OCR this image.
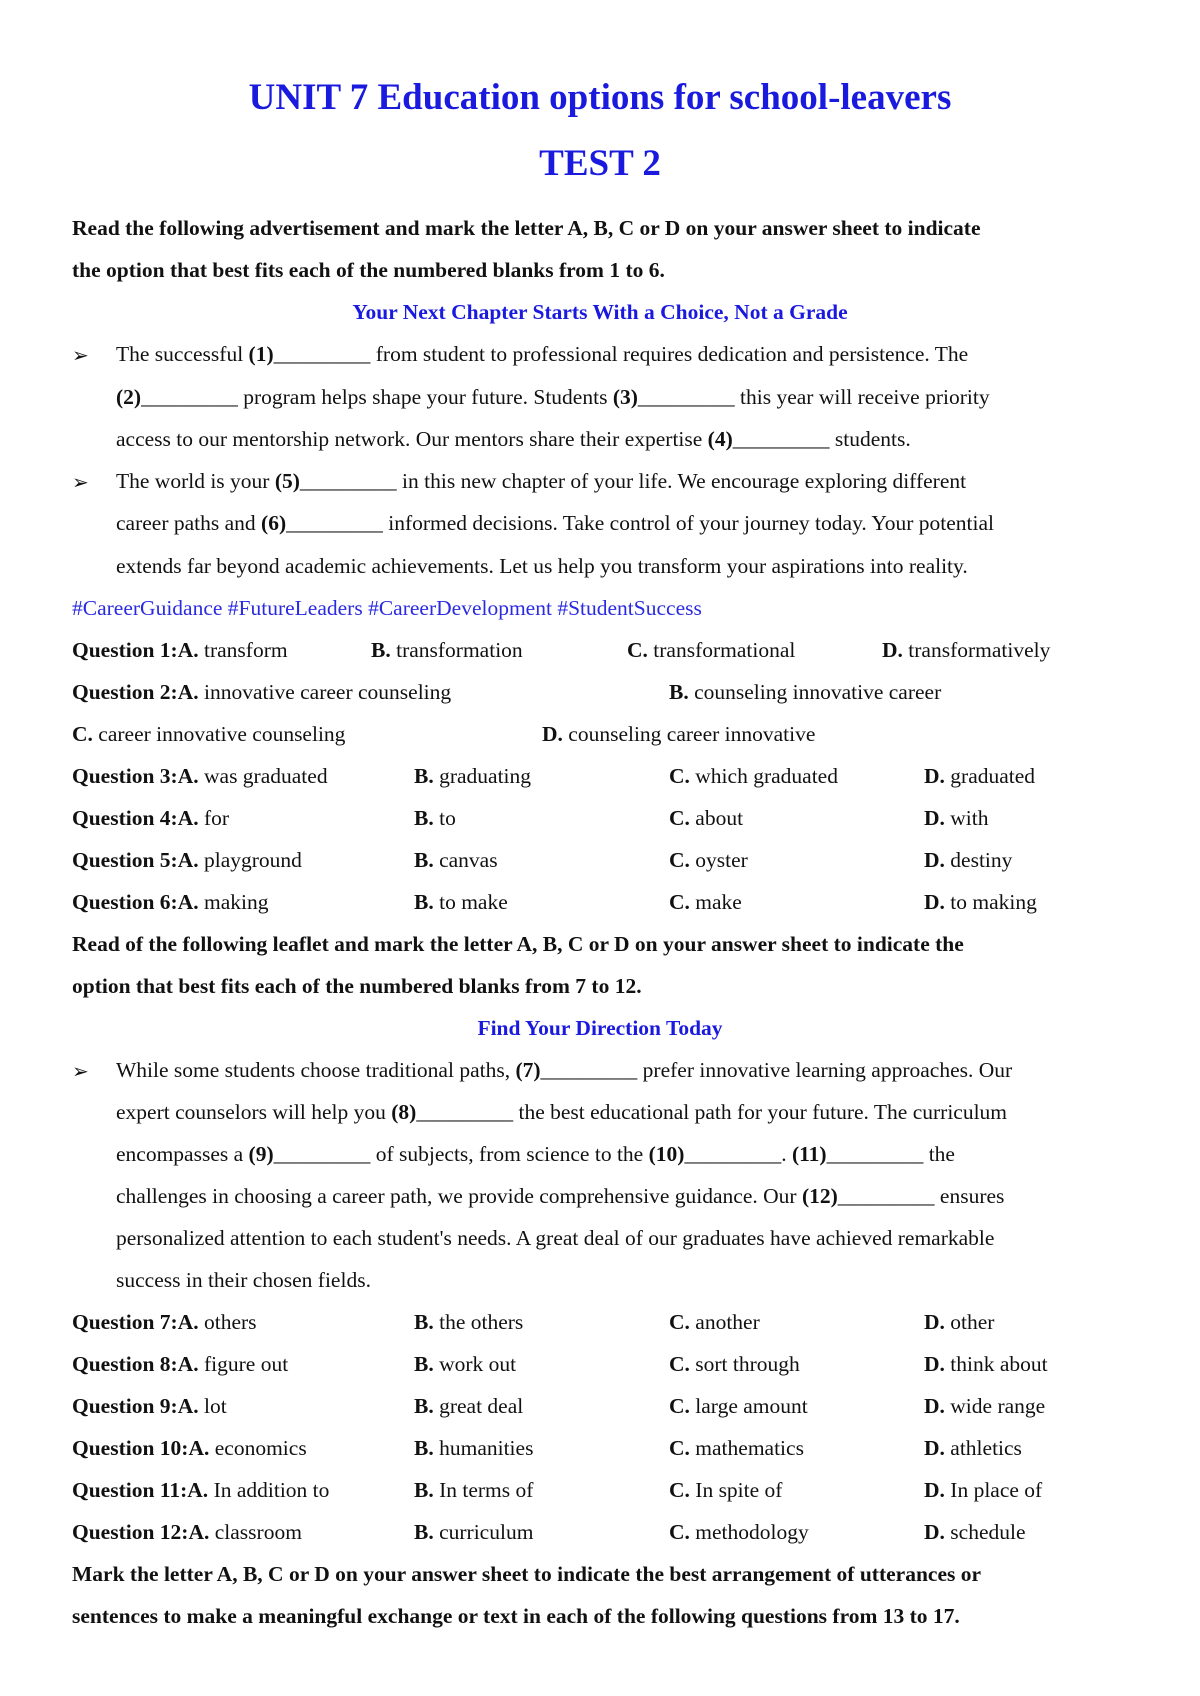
UNIT 7 Education options for school-leavers
TEST 2
Read the following advertisement and mark the letter A, B, C or D on your answer sheet to indicate
the option that best fits each of the numbered blanks from 1 to 6.
Your Next Chapter Starts With a Choice, Not a Grade
➢ The successful (1)_________ from student to professional requires dedication and persistence. The
(2)_________ program helps shape your future. Students (3)_________ this year will receive priority
access to our mentorship network. Our mentors share their expertise (4)_________ students.
➢ The world is your (5)_________ in this new chapter of your life. We encourage exploring different
career paths and (6)_________ informed decisions. Take control of your journey today. Your potential
extends far beyond academic achievements. Let us help you transform your aspirations into reality.
#CareerGuidance #FutureLeaders #CareerDevelopment #StudentSuccess
Question 1:A. transform	B. transformation	C. transformational	D. transformatively
Question 2:A. innovative career counseling	B. counseling innovative career
C. career innovative counseling	D. counseling career innovative
Question 3:A. was graduated	B. graduating	C. which graduated	D. graduated
Question 4:A. for	B. to	C. about	D. with
Question 5:A. playground	B. canvas	C. oyster	D. destiny
Question 6:A. making	B. to make	C. make	D. to making
Read of the following leaflet and mark the letter A, B, C or D on your answer sheet to indicate the
option that best fits each of the numbered blanks from 7 to 12.
Find Your Direction Today
➢ While some students choose traditional paths, (7)_________ prefer innovative learning approaches. Our
expert counselors will help you (8)_________ the best educational path for your future. The curriculum
encompasses a (9)_________ of subjects, from science to the (10)_________. (11)_________ the
challenges in choosing a career path, we provide comprehensive guidance. Our (12)_________ ensures
personalized attention to each student's needs. A great deal of our graduates have achieved remarkable
success in their chosen fields.
Question 7:A. others	B. the others	C. another	D. other
Question 8:A. figure out	B. work out	C. sort through	D. think about
Question 9:A. lot	B. great deal	C. large amount	D. wide range
Question 10:A. economics	B. humanities	C. mathematics	D. athletics
Question 11:A. In addition to	B. In terms of	C. In spite of	D. In place of
Question 12:A. classroom	B. curriculum	C. methodology	D. schedule
Mark the letter A, B, C or D on your answer sheet to indicate the best arrangement of utterances or
sentences to make a meaningful exchange or text in each of the following questions from 13 to 17.
